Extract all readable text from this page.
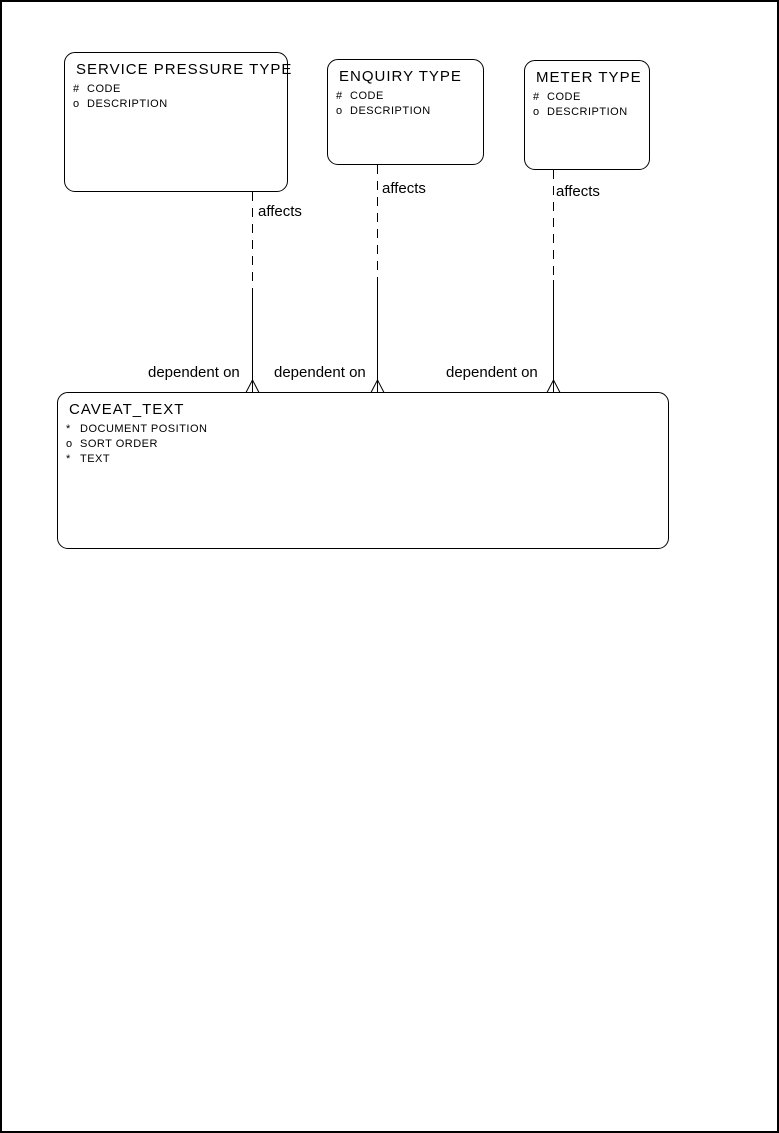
SERVICE PRESSURE TYPE
# CODE
o DESCRIPTION
ENQUIRY TYPE
# CODE
o DESCRIPTION
METER TYPE
# CODE
o DESCRIPTION
CAVEAT_TEXT
* DOCUMENT POSITION
o SORT ORDER
* TEXT
affects
affects	affects
dependent on dependent on	dependent on
